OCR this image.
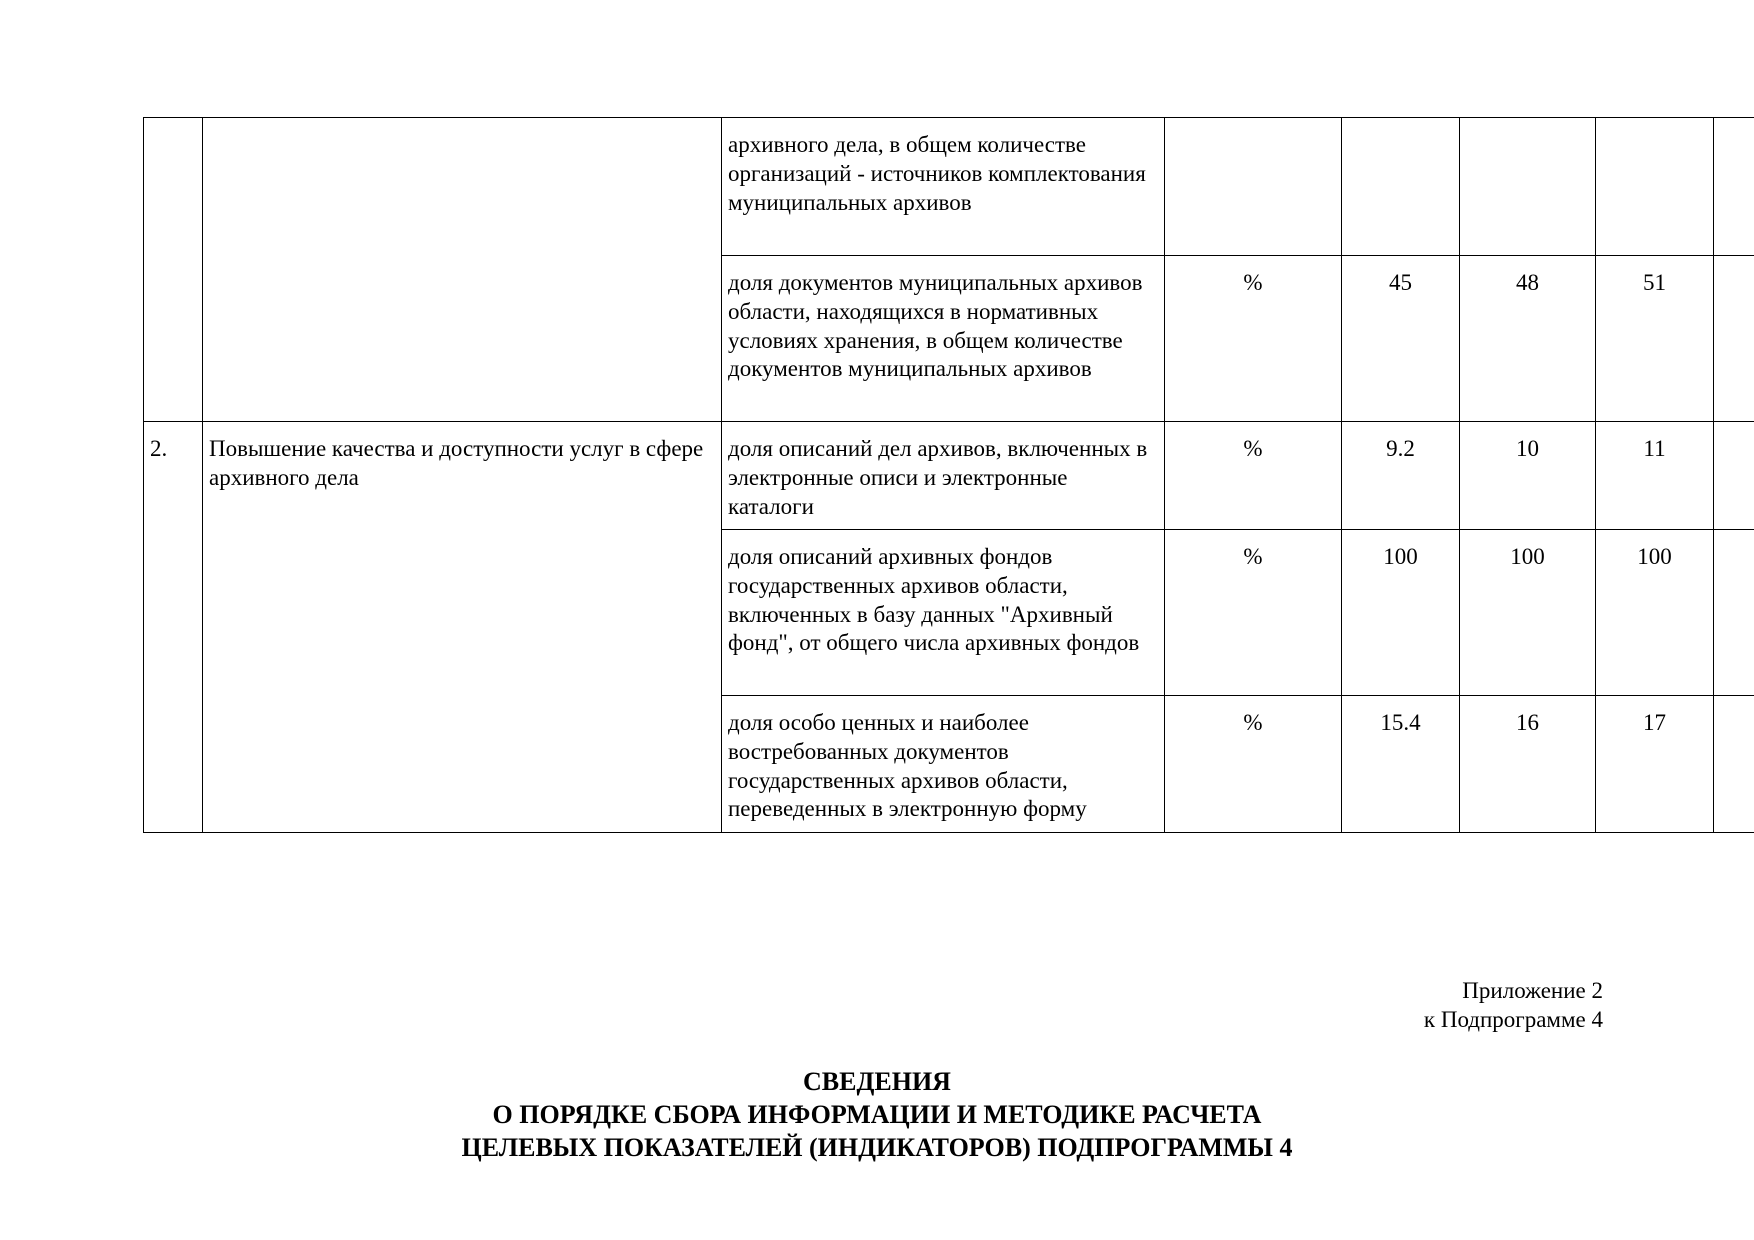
		архивного дела, в общем количестве организаций - источников комплектования муниципальных архивов					
		доля документов муниципальных архивов области, находящихся в нормативных условиях хранения, в общем количестве документов муниципальных архивов	%	45	48	51	
2.	Повышение качества и доступности услуг в сфере архивного дела	доля описаний дел архивов, включенных в электронные описи и электронные каталоги	%	9.2	10	11	
		доля описаний архивных фондов государственных архивов области, включенных в базу данных "Архивный фонд", от общего числа архивных фондов	%	100	100	100	
		доля особо ценных и наиболее востребованных документов государственных архивов области, переведенных в электронную форму	%	15.4	16	17	
Приложение 2
к Подпрограмме 4
СВЕДЕНИЯ
О ПОРЯДКЕ СБОРА ИНФОРМАЦИИ И МЕТОДИКЕ РАСЧЕТА
ЦЕЛЕВЫХ ПОКАЗАТЕЛЕЙ (ИНДИКАТОРОВ) ПОДПРОГРАММЫ 4
